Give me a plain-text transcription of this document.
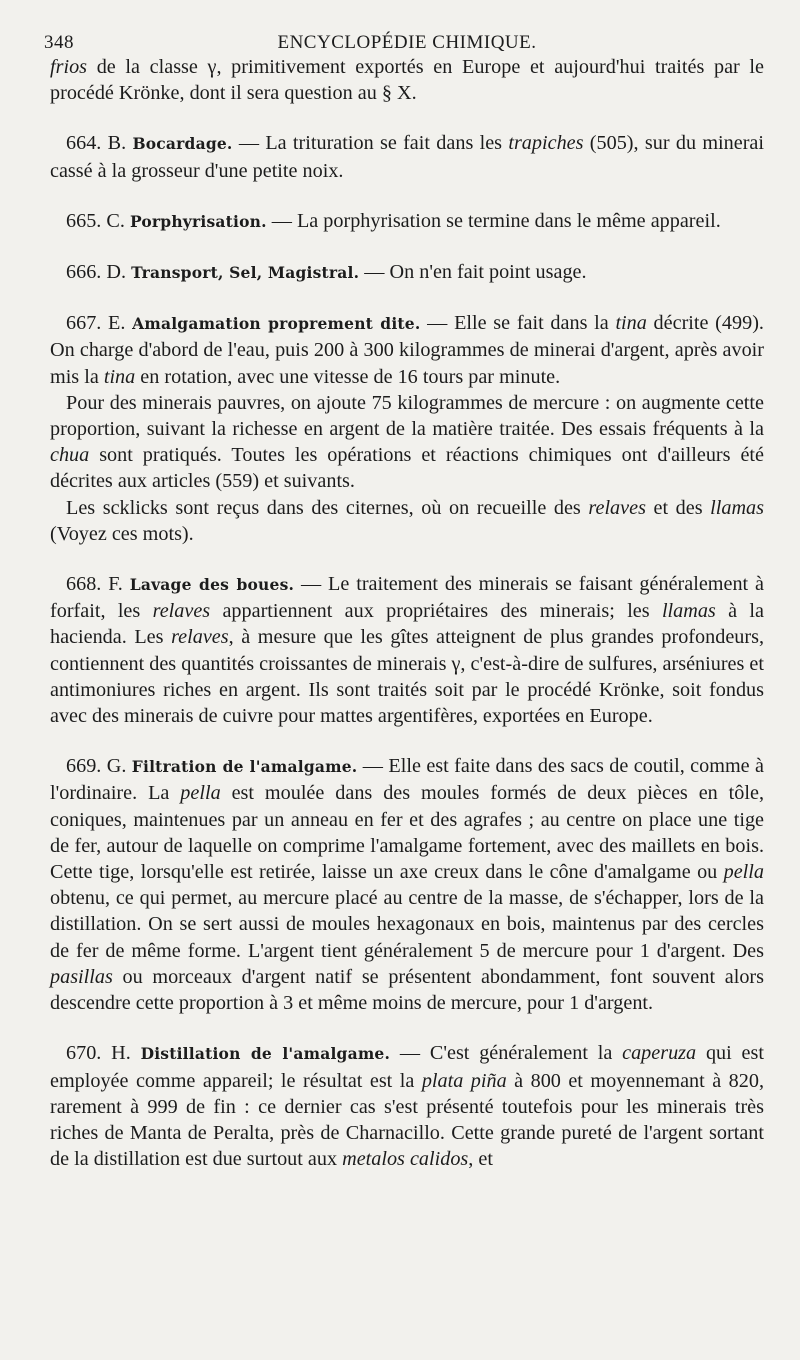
348	ENCYCLOPÉDIE CHIMIQUE.

frios de la classe γ, primitivement exportés en Europe et aujourd'hui traités par le procédé Krönke, dont il sera question au § X.

664. B. Bocardage. — La trituration se fait dans les trapiches (505), sur du minerai cassé à la grosseur d'une petite noix.

665. C. Porphyrisation. — La porphyrisation se termine dans le même appareil.

666. D. Transport, Sel, Magistral. — On n'en fait point usage.

667. E. Amalgamation proprement dite. — Elle se fait dans la tina décrite (499). On charge d'abord de l'eau, puis 200 à 300 kilogrammes de minerai d'argent, après avoir mis la tina en rotation, avec une vitesse de 16 tours par minute.

Pour des minerais pauvres, on ajoute 75 kilogrammes de mercure : on augmente cette proportion, suivant la richesse en argent de la matière traitée. Des essais fréquents à la chua sont pratiqués. Toutes les opérations et réactions chimiques ont d'ailleurs été décrites aux articles (559) et suivants.

Les scklicks sont reçus dans des citernes, où on recueille des relaves et des llamas (Voyez ces mots).

668. F. Lavage des boues. — Le traitement des minerais se faisant généralement à forfait, les relaves appartiennent aux propriétaires des minerais; les llamas à la hacienda. Les relaves, à mesure que les gîtes atteignent de plus grandes profondeurs, contiennent des quantités croissantes de minerais γ, c'est-à-dire de sulfures, arséniures et antimoniures riches en argent. Ils sont traités soit par le procédé Krönke, soit fondus avec des minerais de cuivre pour mattes argentifères, exportées en Europe.

669. G. Filtration de l'amalgame. — Elle est faite dans des sacs de coutil, comme à l'ordinaire. La pella est moulée dans des moules formés de deux pièces en tôle, coniques, maintenues par un anneau en fer et des agrafes ; au centre on place une tige de fer, autour de laquelle on comprime l'amalgame fortement, avec des maillets en bois. Cette tige, lorsqu'elle est retirée, laisse un axe creux dans le cône d'amalgame ou pella obtenu, ce qui permet, au mercure placé au centre de la masse, de s'échapper, lors de la distillation. On se sert aussi de moules hexagonaux en bois, maintenus par des cercles de fer de même forme. L'argent tient généralement 5 de mercure pour 1 d'argent. Des pasillas ou morceaux d'argent natif se présentent abondamment, font souvent alors descendre cette proportion à 3 et même moins de mercure, pour 1 d'argent.

670. H. Distillation de l'amalgame. — C'est généralement la caperuza qui est employée comme appareil; le résultat est la plata piña à 800 et moyennemant à 820, rarement à 999 de fin : ce dernier cas s'est présenté toutefois pour les minerais très riches de Manta de Peralta, près de Charnacillo. Cette grande pureté de l'argent sortant de la distillation est due surtout aux metalos calidos, et
